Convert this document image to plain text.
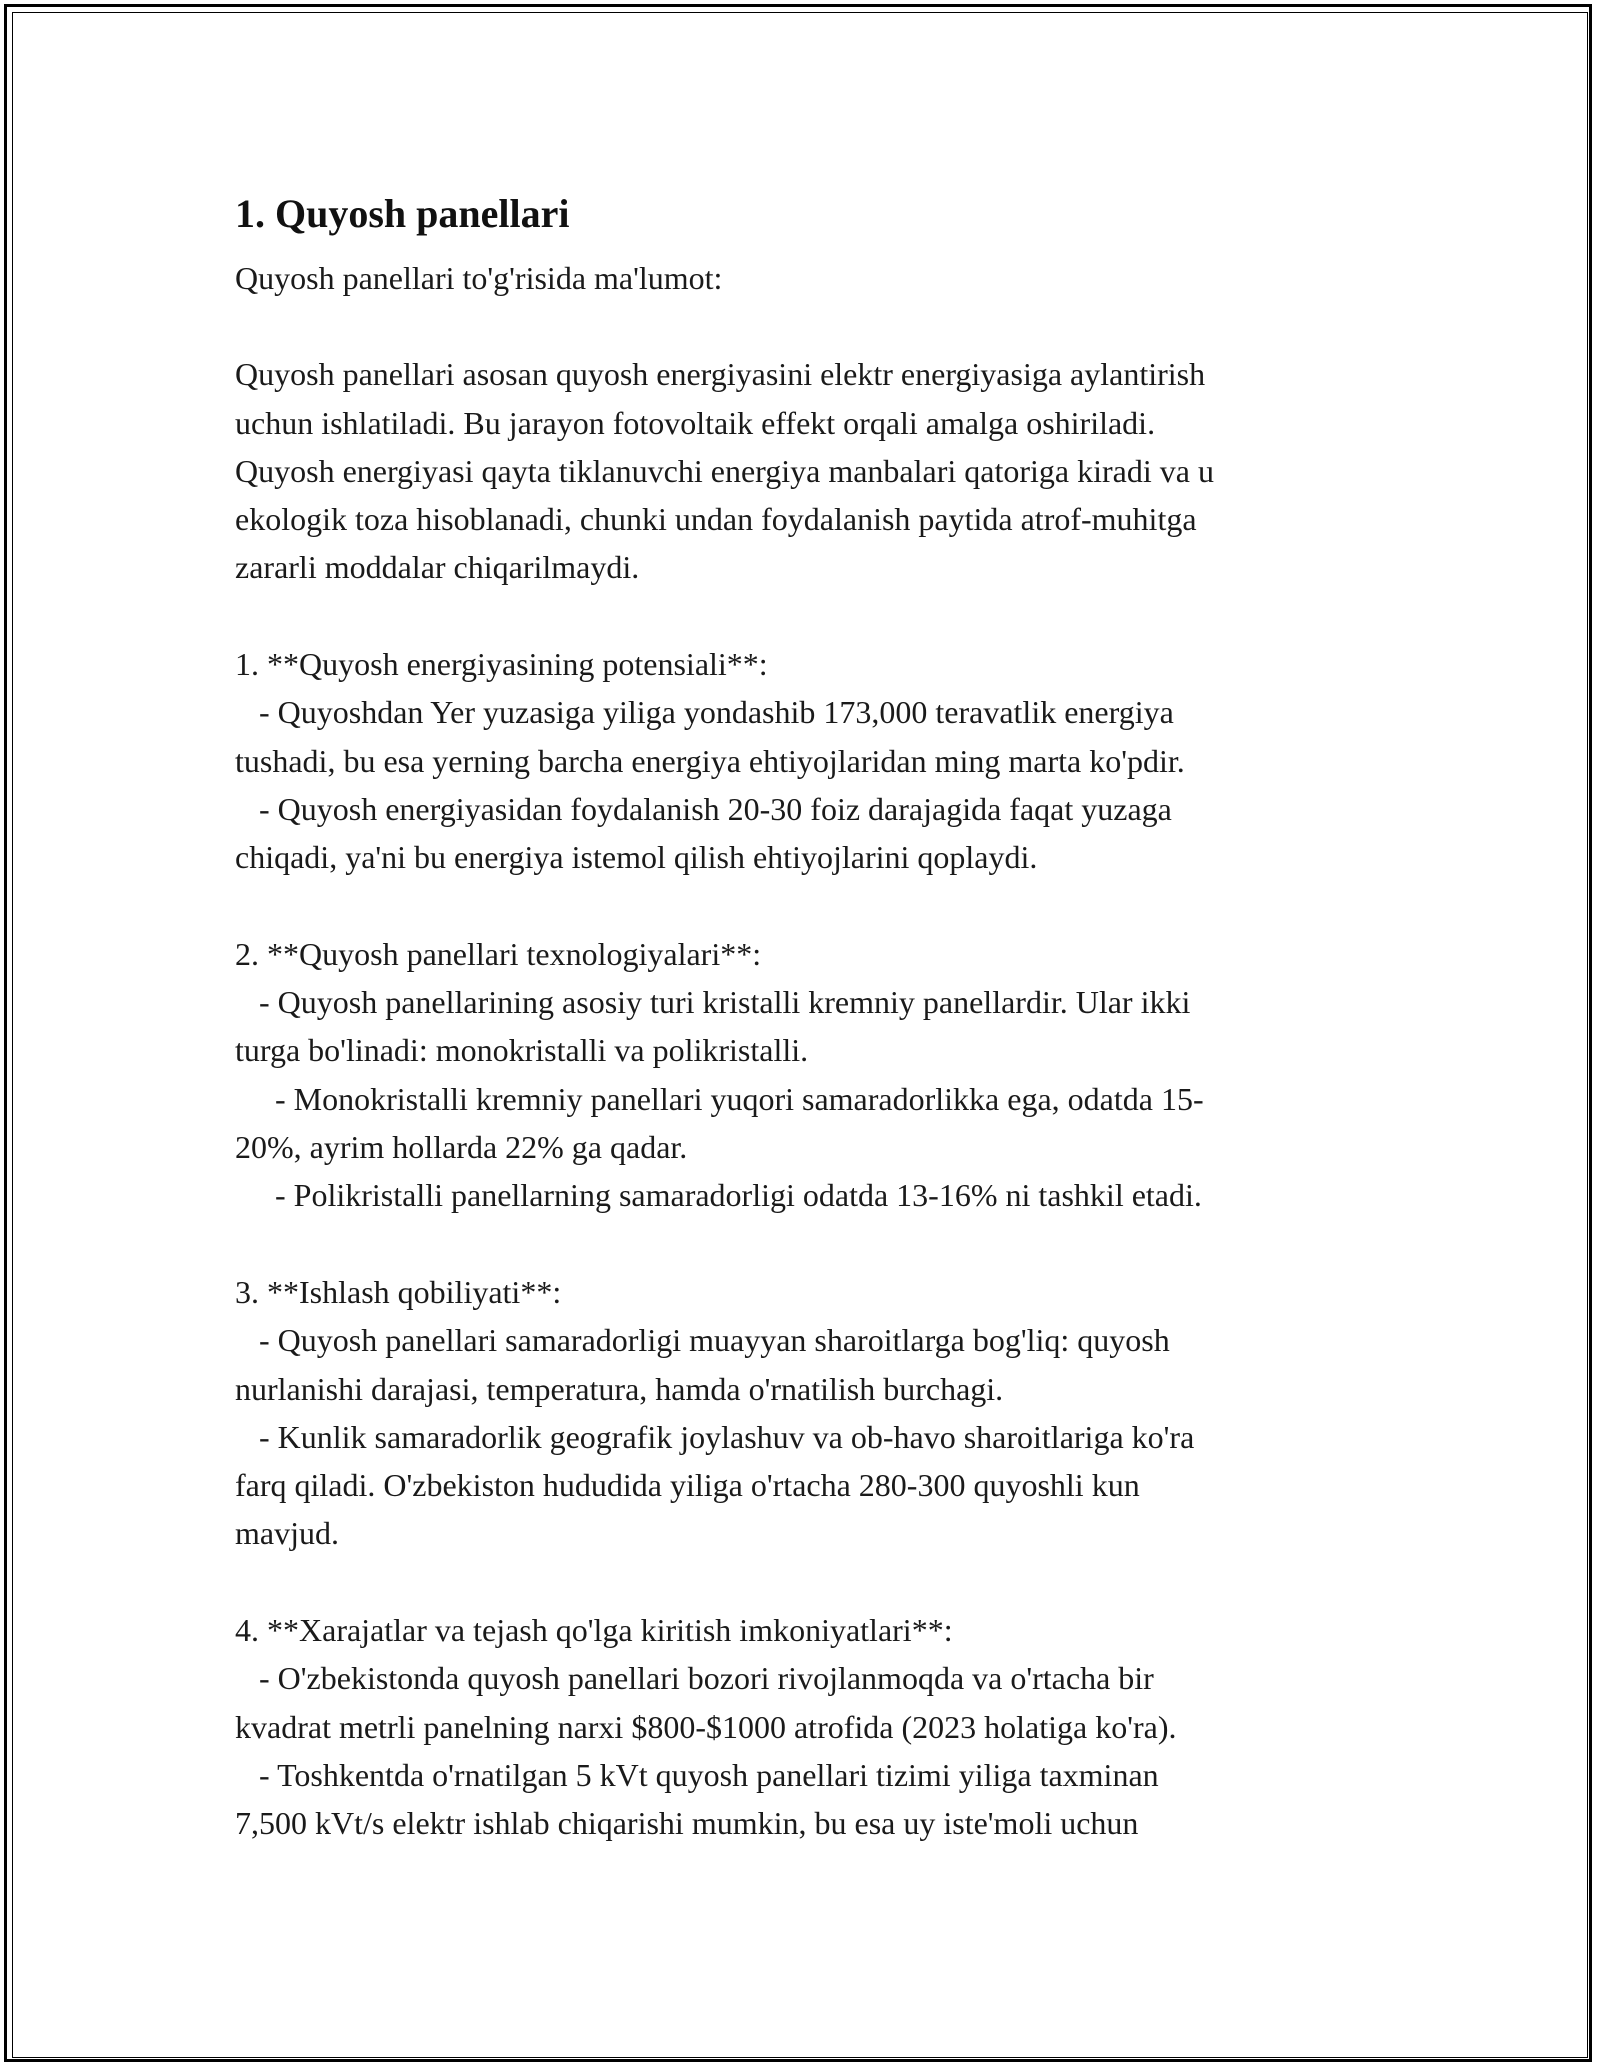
1. Quyosh panellari
Quyosh panellari to'g'risida ma'lumot:

Quyosh panellari asosan quyosh energiyasini elektr energiyasiga aylantirish

uchun ishlatiladi. Bu jarayon fotovoltaik effekt orqali amalga oshiriladi.

Quyosh energiyasi qayta tiklanuvchi energiya manbalari qatoriga kiradi va u

ekologik toza hisoblanadi, chunki undan foydalanish paytida atrof-muhitga

zararli moddalar chiqarilmaydi.

1. **Quyosh energiyasining potensiali**:

- Quyoshdan Yer yuzasiga yiliga yondashib 173,000 teravatlik energiya

tushadi, bu esa yerning barcha energiya ehtiyojlaridan ming marta ko'pdir.

- Quyosh energiyasidan foydalanish 20-30 foiz darajagida faqat yuzaga

chiqadi, ya'ni bu energiya istemol qilish ehtiyojlarini qoplaydi.

2. **Quyosh panellari texnologiyalari**:

- Quyosh panellarining asosiy turi kristalli kremniy panellardir. Ular ikki

turga bo'linadi: monokristalli va polikristalli.

- Monokristalli kremniy panellari yuqori samaradorlikka ega, odatda 15-

20%, ayrim hollarda 22% ga qadar.

- Polikristalli panellarning samaradorligi odatda 13-16% ni tashkil etadi.

3. **Ishlash qobiliyati**:

- Quyosh panellari samaradorligi muayyan sharoitlarga bog'liq: quyosh

nurlanishi darajasi, temperatura, hamda o'rnatilish burchagi.

- Kunlik samaradorlik geografik joylashuv va ob-havo sharoitlariga ko'ra

farq qiladi. O'zbekiston hududida yiliga o'rtacha 280-300 quyoshli kun

mavjud.

4. **Xarajatlar va tejash qo'lga kiritish imkoniyatlari**:

- O'zbekistonda quyosh panellari bozori rivojlanmoqda va o'rtacha bir

kvadrat metrli panelning narxi $800-$1000 atrofida (2023 holatiga ko'ra).

- Toshkentda o'rnatilgan 5 kVt quyosh panellari tizimi yiliga taxminan

7,500 kVt/s elektr ishlab chiqarishi mumkin, bu esa uy iste'moli uchun
